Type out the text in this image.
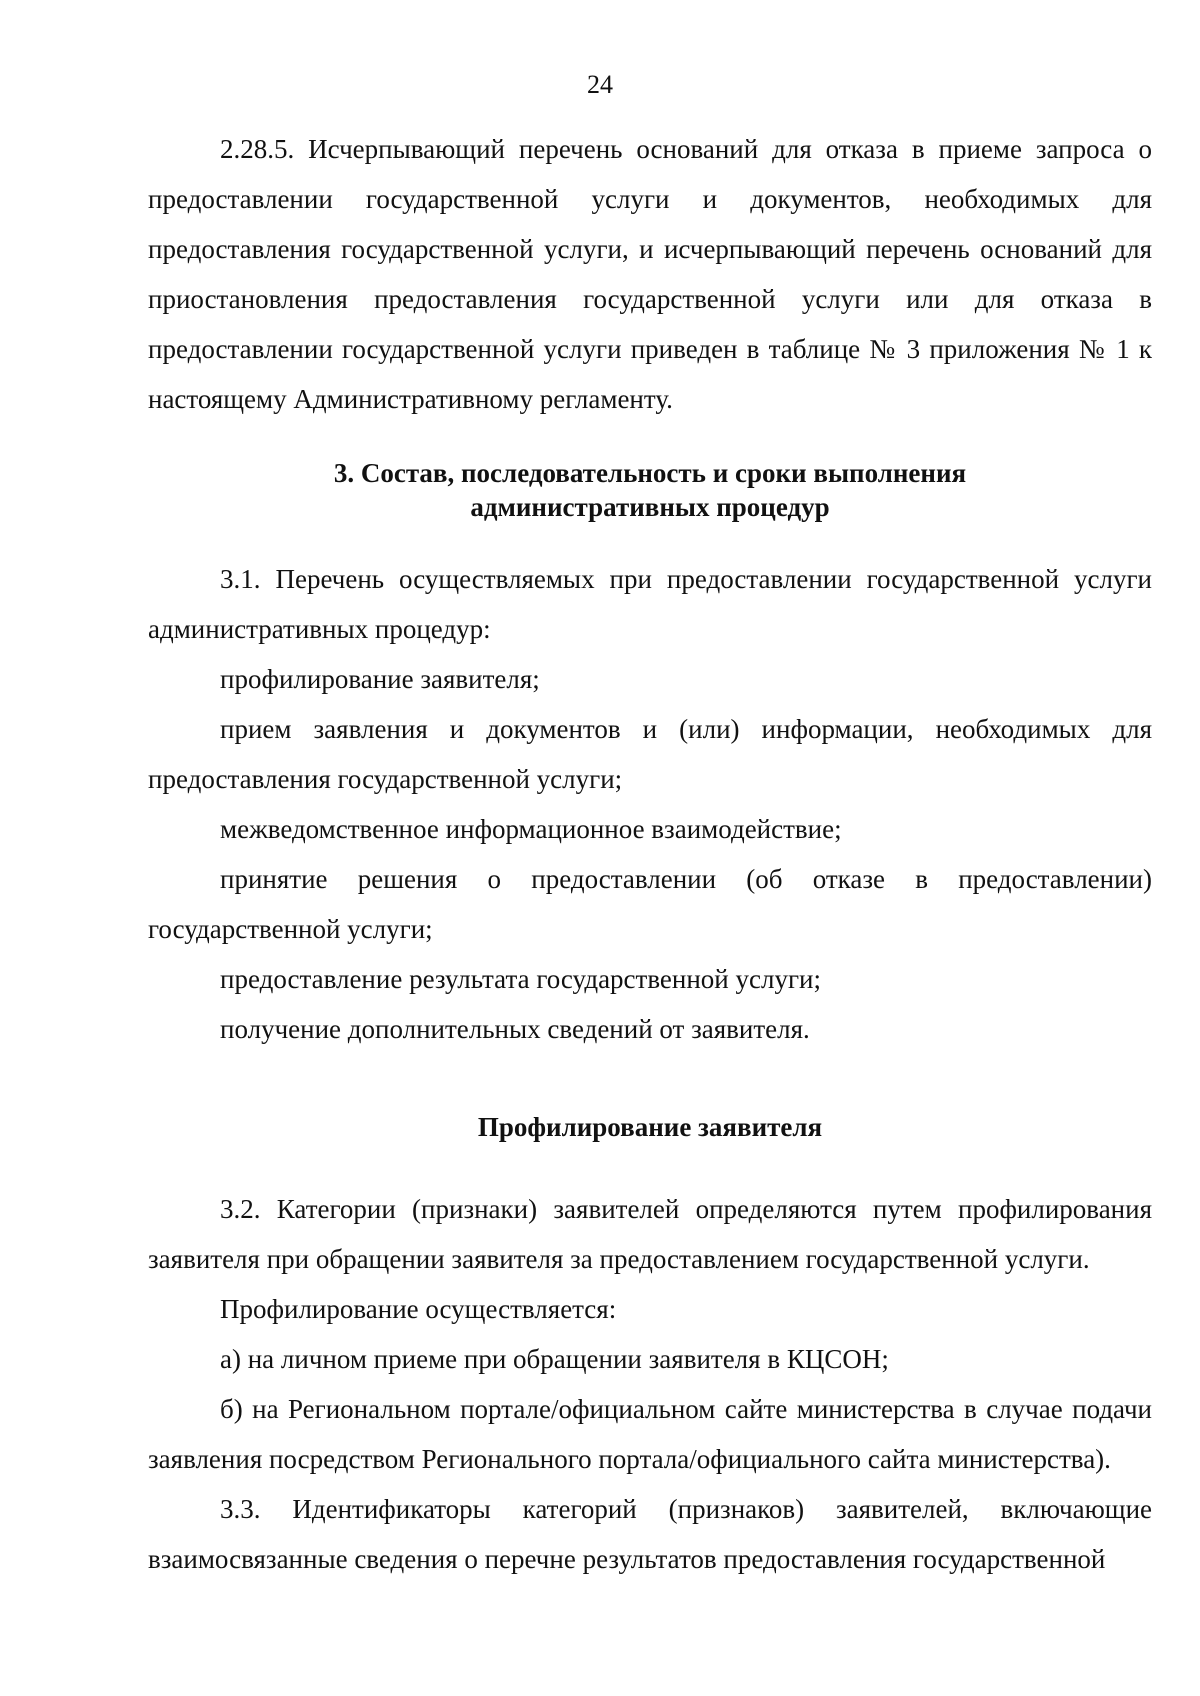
24

2.28.5. Исчерпывающий перечень оснований для отказа в приеме запроса о предоставлении государственной услуги и документов, необходимых для предоставления государственной услуги, и исчерпывающий перечень оснований для приостановления предоставления государственной услуги или для отказа в предоставлении государственной услуги приведен в таблице № 3 приложения № 1 к настоящему Административному регламенту.

3. Состав, последовательность и сроки выполнения
административных процедур

3.1. Перечень осуществляемых при предоставлении государственной услуги административных процедур:

профилирование заявителя;

прием заявления и документов и (или) информации, необходимых для предоставления государственной услуги;

межведомственное информационное взаимодействие;

принятие решения о предоставлении (об отказе в предоставлении) государственной услуги;

предоставление результата государственной услуги;

получение дополнительных сведений от заявителя.

Профилирование заявителя

3.2. Категории (признаки) заявителей определяются путем профилирования заявителя при обращении заявителя за предоставлением государственной услуги.

Профилирование осуществляется:

а) на личном приеме при обращении заявителя в КЦСОН;

б) на Региональном портале/официальном сайте министерства в случае подачи заявления посредством Регионального портала/официального сайта министерства).

3.3. Идентификаторы категорий (признаков) заявителей, включающие взаимосвязанные сведения о перечне результатов предоставления государственной
